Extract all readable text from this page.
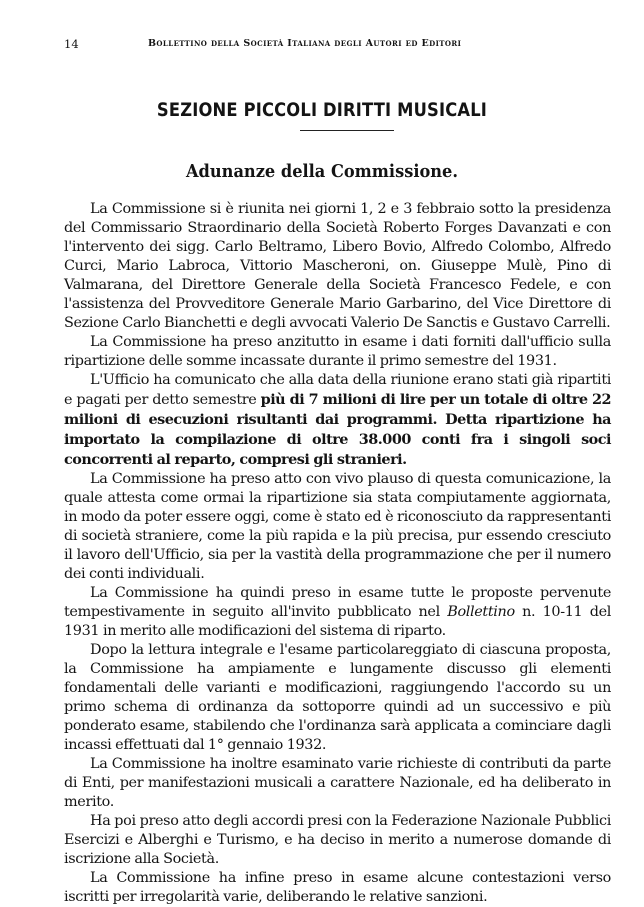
14	Bollettino della Società Italiana degli Autori ed Editori
SEZIONE PICCOLI DIRITTI MUSICALI
Adunanze della Commissione.

La Commissione si è riunita nei giorni 1, 2 e 3 febbraio sotto la presidenza del Commissario Straordinario della Società Roberto Forges Davanzati e con l'intervento dei sigg. Carlo Beltramo, Libero Bovio, Alfredo Colombo, Alfredo Curci, Mario Labroca, Vittorio Mascheroni, on. Giuseppe Mulè, Pino di Valmarana, del Direttore Generale della Società Francesco Fedele, e con l'assistenza del Provveditore Generale Mario Garbarino, del Vice Direttore di Sezione Carlo Bianchetti e degli avvocati Valerio De Sanctis e Gustavo Carrelli.

La Commissione ha preso anzitutto in esame i dati forniti dall'ufficio sulla ripartizione delle somme incassate durante il primo semestre del 1931.

L'Ufficio ha comunicato che alla data della riunione erano stati già ripartiti e pagati per detto semestre più di 7 milioni di lire per un totale di oltre 22 milioni di esecuzioni risultanti dai programmi. Detta ripartizione ha importato la compilazione di oltre 38.000 conti fra i singoli soci concorrenti al reparto, compresi gli stranieri.

La Commissione ha preso atto con vivo plauso di questa comunicazione, la quale attesta come ormai la ripartizione sia stata compiutamente aggiornata, in modo da poter essere oggi, come è stato ed è riconosciuto da rappresentanti di società straniere, come la più rapida e la più precisa, pur essendo cresciuto il lavoro dell'Ufficio, sia per la vastità della programmazione che per il numero dei conti individuali.

La Commissione ha quindi preso in esame tutte le proposte pervenute tempestivamente in seguito all'invito pubblicato nel Bollettino n. 10-11 del 1931 in merito alle modificazioni del sistema di riparto.

Dopo la lettura integrale e l'esame particolareggiato di ciascuna proposta, la Commissione ha ampiamente e lungamente discusso gli elementi fondamentali delle varianti e modificazioni, raggiungendo l'accordo su un primo schema di ordinanza da sottoporre quindi ad un successivo e più ponderato esame, stabilendo che l'ordinanza sarà applicata a cominciare dagli incassi effettuati dal 1° gennaio 1932.

La Commissione ha inoltre esaminato varie richieste di contributi da parte di Enti, per manifestazioni musicali a carattere Nazionale, ed ha deliberato in merito.

Ha poi preso atto degli accordi presi con la Federazione Nazionale Pubblici Esercizi e Alberghi e Turismo, e ha deciso in merito a numerose domande di iscrizione alla Società.

La Commissione ha infine preso in esame alcune contestazioni verso iscritti per irregolarità varie, deliberando le relative sanzioni.
